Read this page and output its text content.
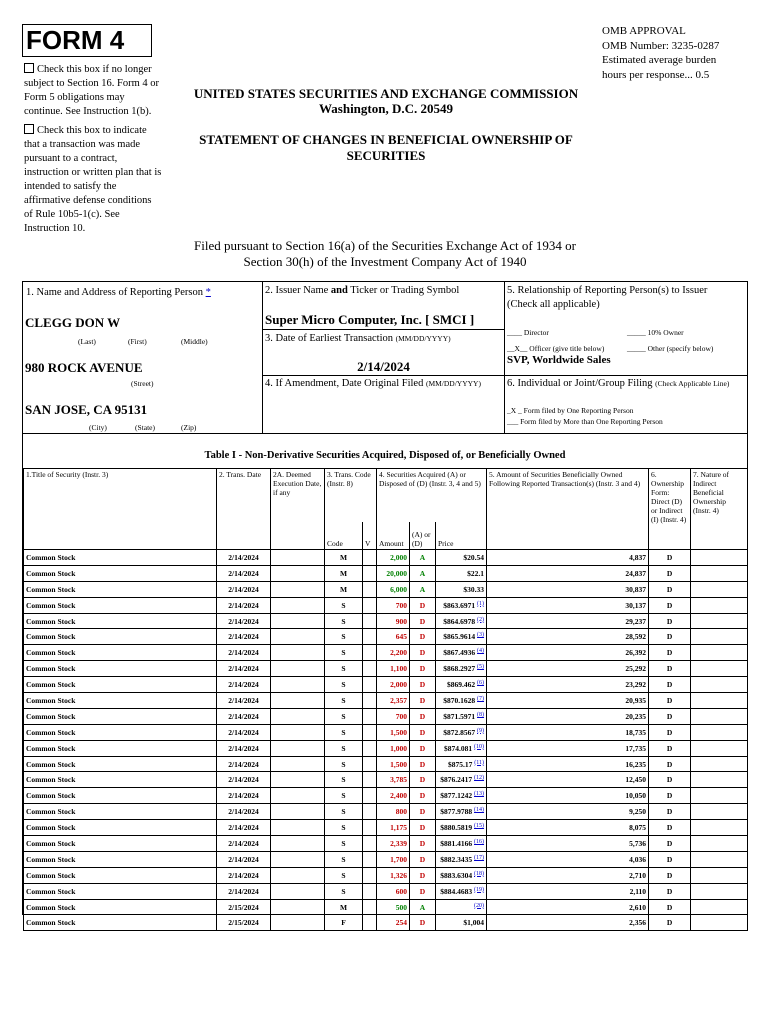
FORM 4	OMB APPROVAL
OMB Number: 3235-0287
Estimated average burden
hours per response... 0.5
Check this box if no longer
subject to Section 16. Form 4 or
Form 5 obligations may
continue. See Instruction 1(b).
Check this box to indicate
that a transaction was made
pursuant to a contract,
instruction or written plan that is
intended to satisfy the
affirmative defense conditions
of Rule 10b5-1(c). See
Instruction 10.
UNITED STATES SECURITIES AND EXCHANGE COMMISSION
Washington, D.C. 20549
STATEMENT OF CHANGES IN BENEFICIAL OWNERSHIP OF
SECURITIES
Filed pursuant to Section 16(a) of the Securities Exchange Act of 1934 or
Section 30(h) of the Investment Company Act of 1940
1. Name and Address of Reporting Person *
CLEGG DON W
(Last)	(First)	(Middle)
980 ROCK AVENUE
(Street)
SAN JOSE, CA 95131
(City)	(State)	(Zip)
2. Issuer Name and Ticker or Trading Symbol
Super Micro Computer, Inc. [ SMCI ]
3. Date of Earliest Transaction (MM/DD/YYYY)
2/14/2024
4. If Amendment, Date Original Filed (MM/DD/YYYY)
5. Relationship of Reporting Person(s) to Issuer
(Check all applicable)
____ Director	_____ 10% Owner
__X__ Officer (give title below)	_____ Other (specify below)
SVP, Worldwide Sales
6. Individual or Joint/Group Filing (Check Applicable Line)
_X _ Form filed by One Reporting Person
___ Form filed by More than One Reporting Person
Table I - Non-Derivative Securities Acquired, Disposed of, or Beneficially Owned
1.Title of Security (Instr. 3)	2. Trans. Date	2A. Deemed Execution Date, if any	3. Trans. Code (Instr. 8)		4. Securities Acquired (A) or Disposed of (D) (Instr. 3, 4 and 5)			5. Amount of Securities Beneficially Owned Following Reported Transaction(s) (Instr. 3 and 4)	6. Ownership Form: Direct (D) or Indirect (I) (Instr. 4)	7. Nature of Indirect Beneficial Ownership (Instr. 4)
			Code	V	Amount	(A) or (D)	Price			
Common Stock	2/14/2024		M		2,000	A	$20.54	4,837	D	
Common Stock	2/14/2024		M		20,000	A	$22.1	24,837	D	
Common Stock	2/14/2024		M		6,000	A	$30.33	30,837	D	
Common Stock	2/14/2024		S		700	D	$863.6971 $^{(1)}$	30,137	D	
Common Stock	2/14/2024		S		900	D	$864.6978 $^{(2)}$	29,237	D	
Common Stock	2/14/2024		S		645	D	$865.9614 $^{(3)}$	28,592	D	
Common Stock	2/14/2024		S		2,200	D	$867.4936 $^{(4)}$	26,392	D	
Common Stock	2/14/2024		S		1,100	D	$868.2927 $^{(5)}$	25,292	D	
Common Stock	2/14/2024		S		2,000	D	$869.462 $^{(6)}$	23,292	D	
Common Stock	2/14/2024		S		2,357	D	$870.1628 $^{(7)}$	20,935	D	
Common Stock	2/14/2024		S		700	D	$871.5971 $^{(8)}$	20,235	D	
Common Stock	2/14/2024		S		1,500	D	$872.8567 $^{(9)}$	18,735	D	
Common Stock	2/14/2024		S		1,000	D	$874.081 $^{(10)}$	17,735	D	
Common Stock	2/14/2024		S		1,500	D	$875.17 $^{(11)}$	16,235	D	
Common Stock	2/14/2024		S		3,785	D	$876.2417 $^{(12)}$	12,450	D	
Common Stock	2/14/2024		S		2,400	D	$877.1242 $^{(13)}$	10,050	D	
Common Stock	2/14/2024		S		800	D	$877.9788 $^{(14)}$	9,250	D	
Common Stock	2/14/2024		S		1,175	D	$880.5819 $^{(15)}$	8,075	D	
Common Stock	2/14/2024		S		2,339	D	$881.4166 $^{(16)}$	5,736	D	
Common Stock	2/14/2024		S		1,700	D	$882.3435 $^{(17)}$	4,036	D	
Common Stock	2/14/2024		S		1,326	D	$883.6304 $^{(18)}$	2,710	D	
Common Stock	2/14/2024		S		600	D	$884.4683 $^{(19)}$	2,110	D	
Common Stock	2/15/2024		M		500	A	$^{(20)}$	2,610	D	
Common Stock	2/15/2024		F		254	D	$1,004	2,356	D	
